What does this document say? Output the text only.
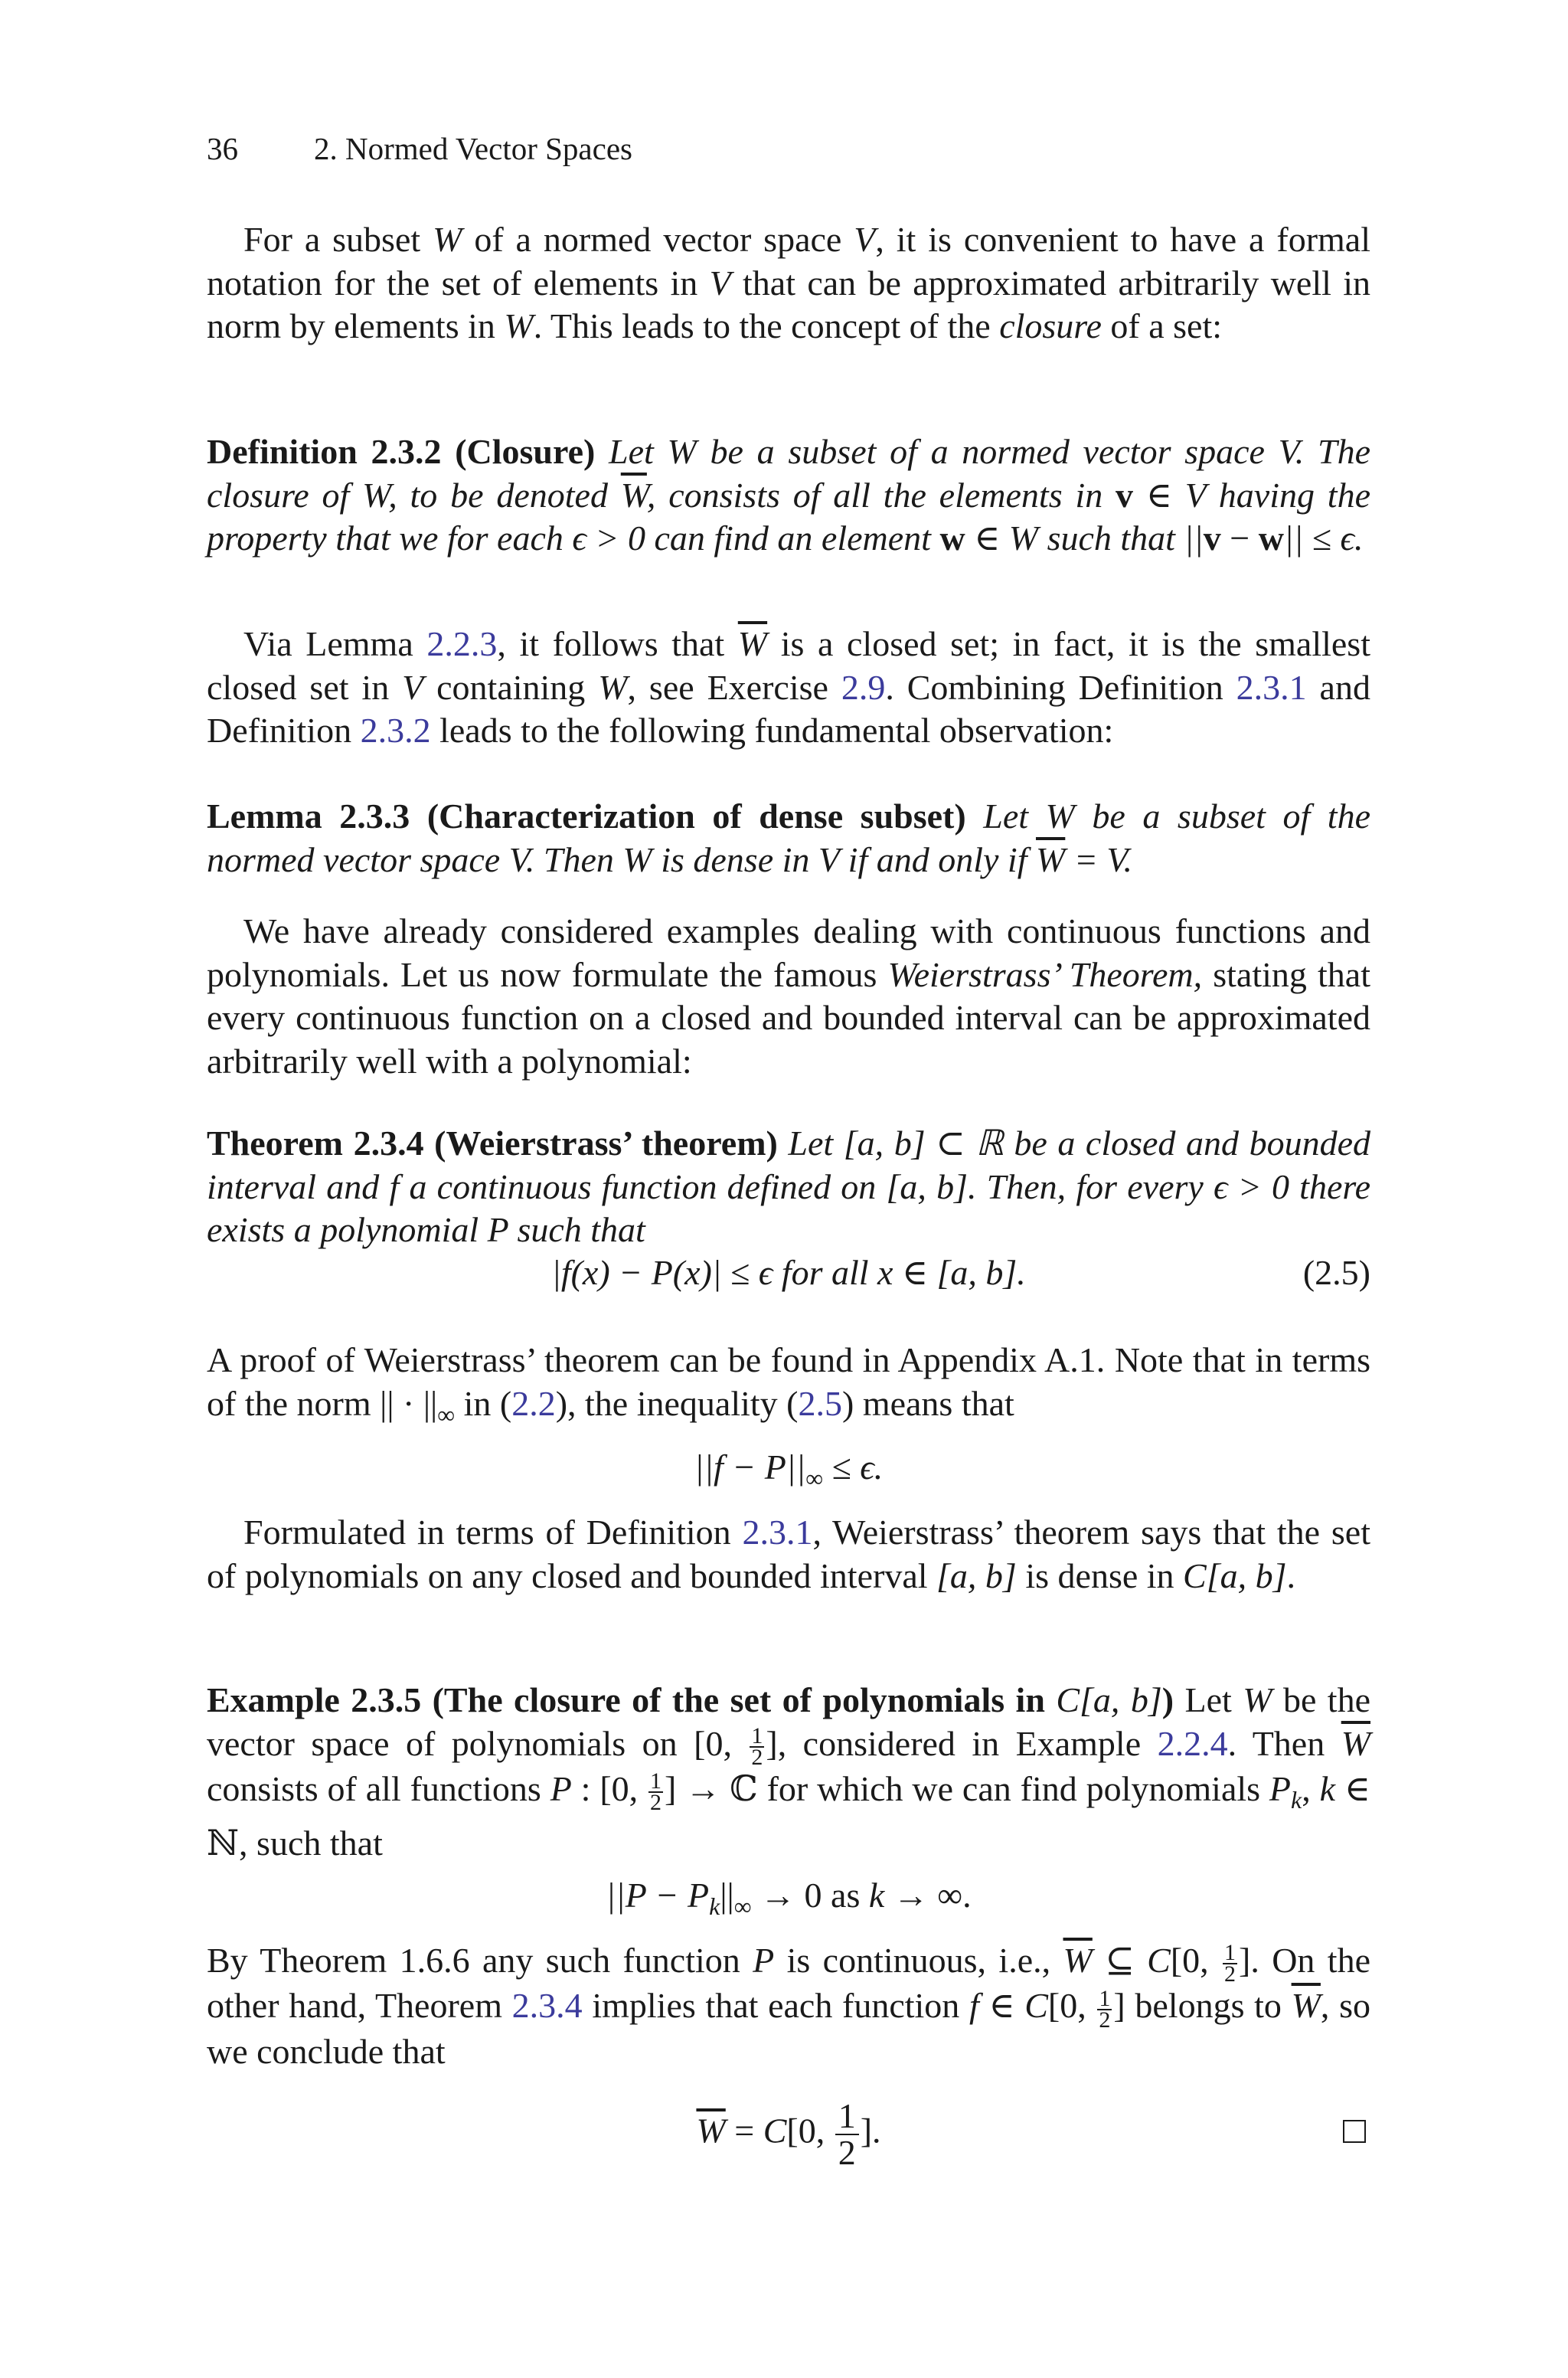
36 2. Normed Vector Spaces
For a subset W of a normed vector space V, it is convenient to have a formal notation for the set of elements in V that can be approximated arbitrarily well in norm by elements in W. This leads to the concept of the closure of a set:
Definition 2.3.2 (Closure) Let W be a subset of a normed vector space V. The closure of W, to be denoted $\overline{W}$, consists of all the elements in v ∈ V having the property that we for each ϵ > 0 can find an element w ∈ W such that ||v − w|| ≤ ϵ.
Via Lemma 2.2.3, it follows that $\overline{W}$ is a closed set; in fact, it is the smallest closed set in V containing W, see Exercise 2.9. Combining Definition 2.3.1 and Definition 2.3.2 leads to the following fundamental observation:
Lemma 2.3.3 (Characterization of dense subset) Let W be a subset of the normed vector space V. Then W is dense in V if and only if $\overline{W} = V$.
We have already considered examples dealing with continuous functions and polynomials. Let us now formulate the famous Weierstrass’ Theorem, stating that every continuous function on a closed and bounded interval can be approximated arbitrarily well with a polynomial:
Theorem 2.3.4 (Weierstrass’ theorem) Let [a, b] ⊂ ℝ be a closed and bounded interval and f a continuous function defined on [a, b]. Then, for every ϵ > 0 there exists a polynomial P such that
|f(x) − P(x)| ≤ ϵ for all x ∈ [a, b].	(2.5)
A proof of Weierstrass’ theorem can be found in Appendix A.1. Note that in terms of the norm || · $||_\infty$ in (2.2), the inequality (2.5) means that
$||f - P||_\infty \le \epsilon$.
Formulated in terms of Definition 2.3.1, Weierstrass’ theorem says that the set of polynomials on any closed and bounded interval [a, b] is dense in C[a, b].
Example 2.3.5 (The closure of the set of polynomials in C[a, b]) Let W be the vector space of polynomials on [0, $\frac{1}{2}$ ], considered in Example 2.2.4. Then $\overline{W}$ consists of all functions P : [0, $\frac{1}{2}$ ] → ℂ for which we can find polynomials $P_k$, k ∈ ℕ, such that
$||P - P_k||_\infty \to 0$ as k → ∞.
By Theorem 1.6.6 any such function P is continuous, i.e., $\overline{W}$ ⊆ C[0, $\frac{1}{2}$ ]. On the other hand, Theorem 2.3.4 implies that each function f ∈ C[0, $\frac{1}{2}$ ] belongs to $\overline{W}$, so we conclude that
$\overline{W} = C[0$, $\frac{1}{2}$ ].
